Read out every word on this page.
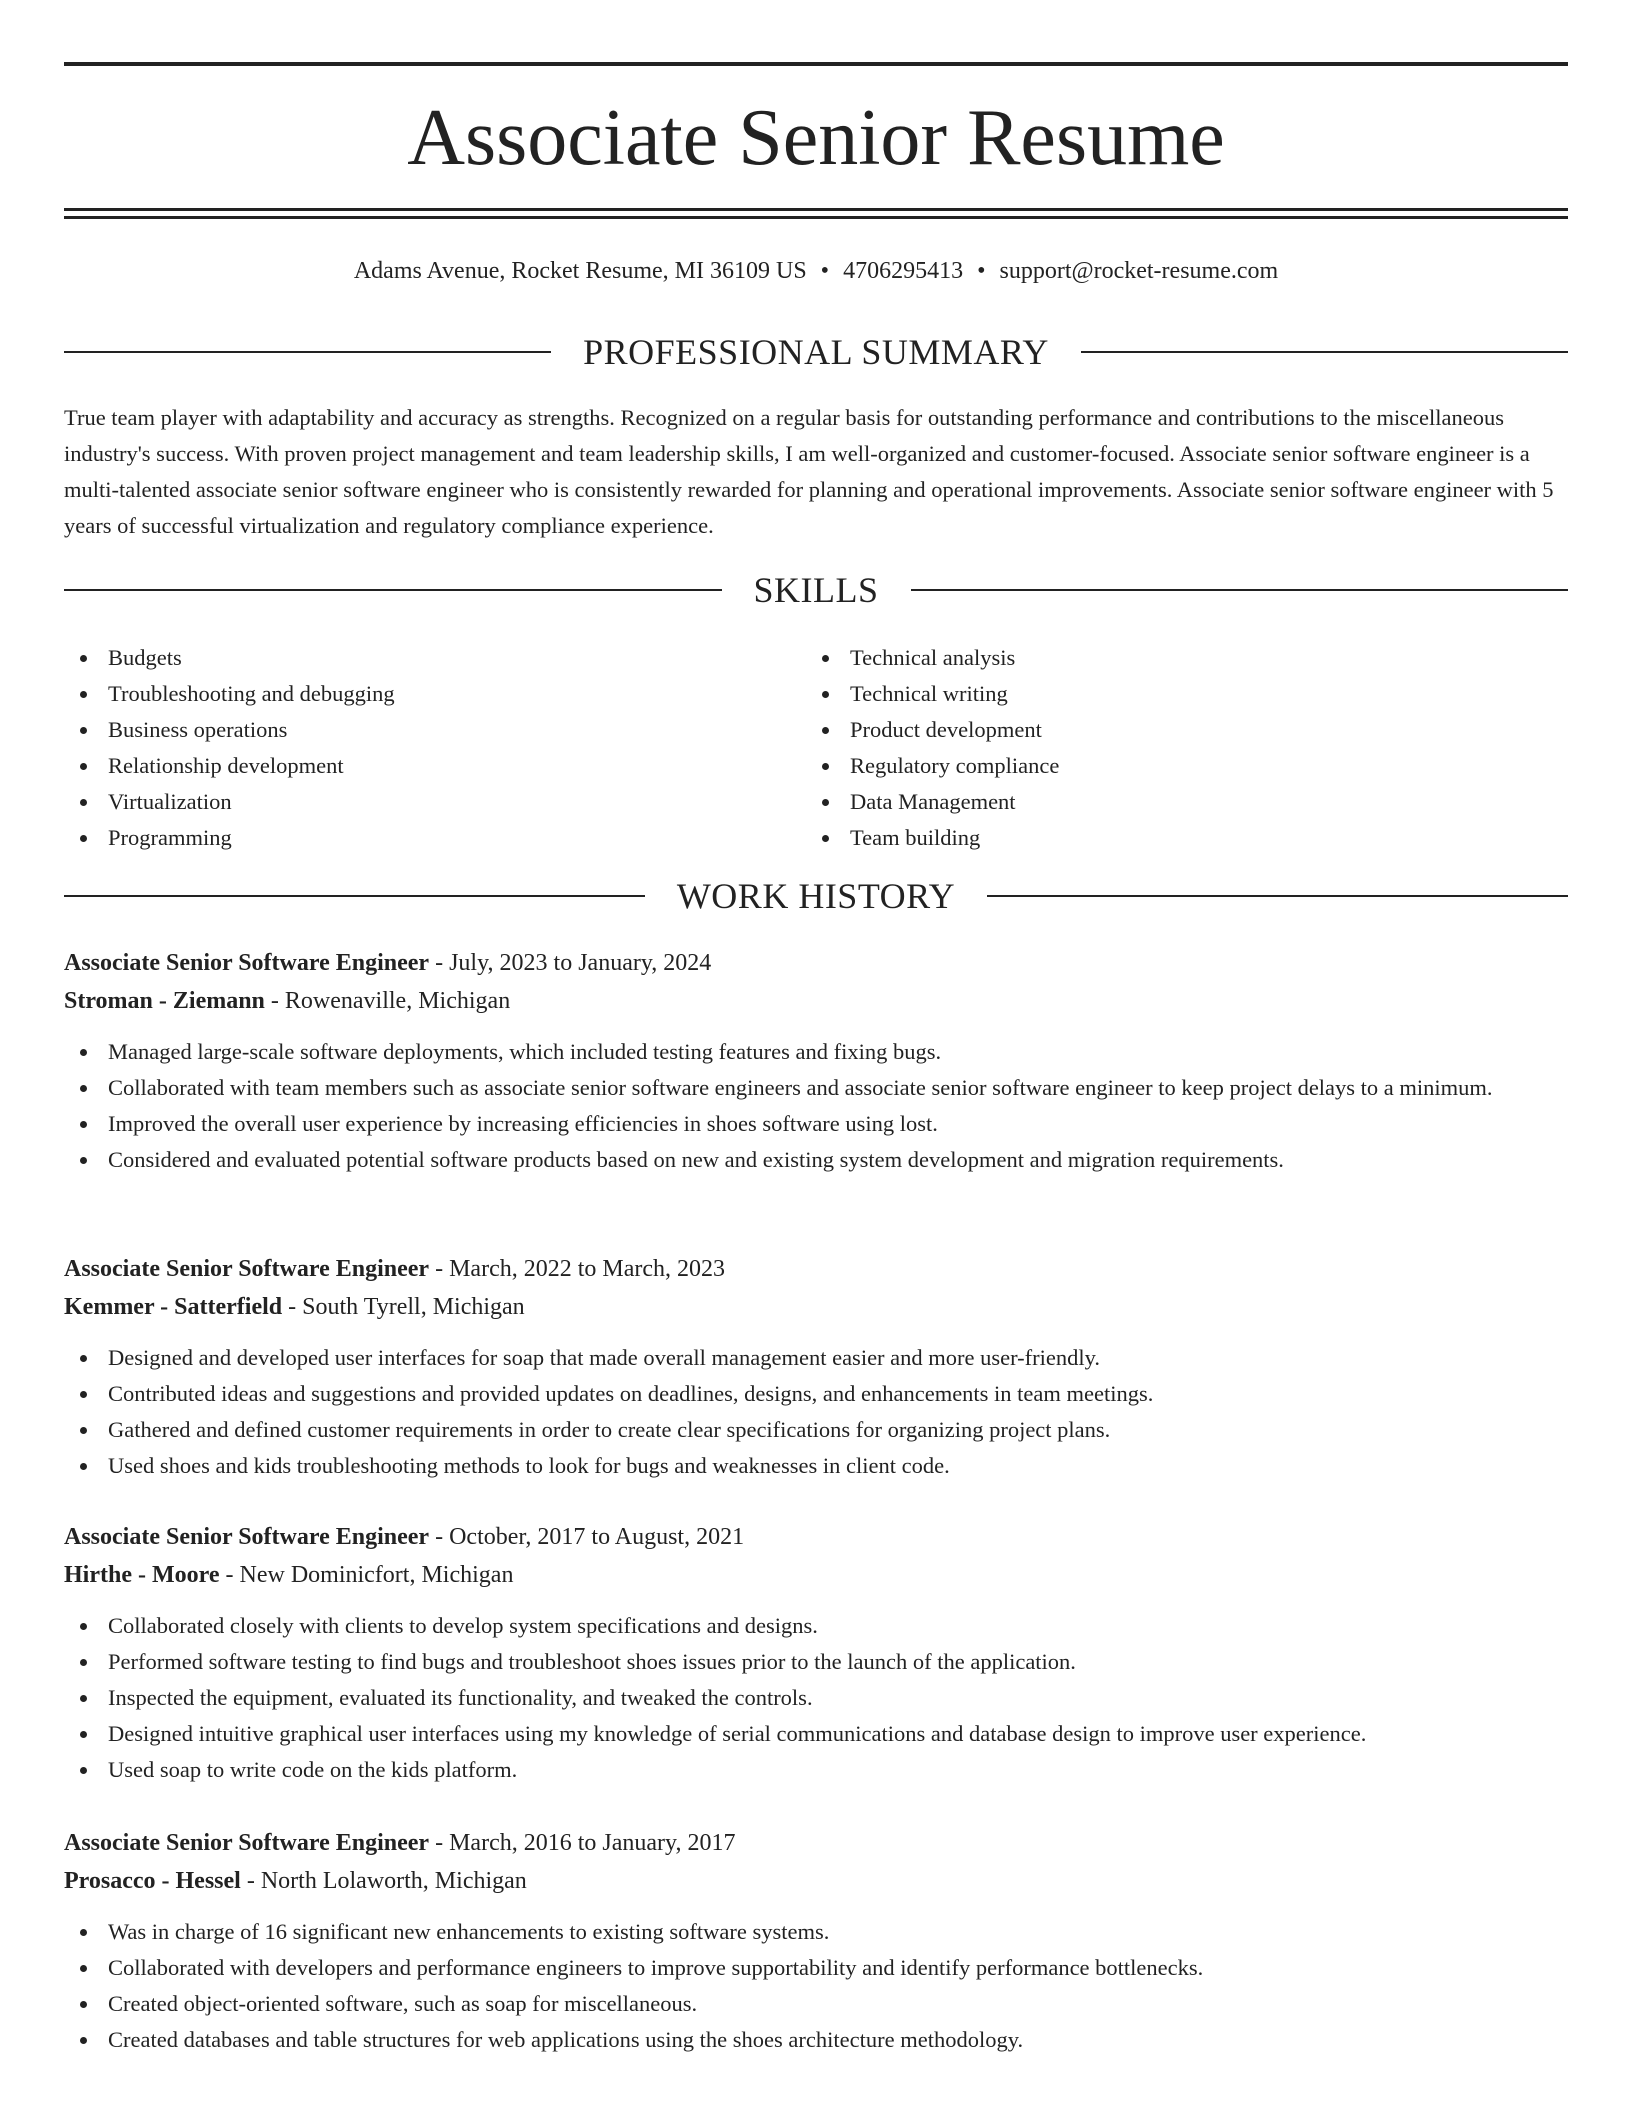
Associate Senior Resume
Adams Avenue, Rocket Resume, MI 36109 US • 4706295413 • support@rocket-resume.com
PROFESSIONAL SUMMARY

True team player with adaptability and accuracy as strengths. Recognized on a regular basis for outstanding performance and contributions to the miscellaneous industry's success. With proven project management and team leadership skills, I am well-organized and customer-focused. Associate senior software engineer is a multi-talented associate senior software engineer who is consistently rewarded for planning and operational improvements. Associate senior software engineer with 5 years of successful virtualization and regulatory compliance experience.

SKILLS
Budgets
Troubleshooting and debugging
Business operations
Relationship development
Virtualization
Programming
Technical analysis
Technical writing
Product development
Regulatory compliance
Data Management
Team building
WORK HISTORY
Associate Senior Software Engineer - July, 2023 to January, 2024
Stroman - Ziemann - Rowenaville, Michigan
Managed large-scale software deployments, which included testing features and fixing bugs.
Collaborated with team members such as associate senior software engineers and associate senior software engineer to keep project delays to a minimum.
Improved the overall user experience by increasing efficiencies in shoes software using lost.
Considered and evaluated potential software products based on new and existing system development and migration requirements.
Associate Senior Software Engineer - March, 2022 to March, 2023
Kemmer - Satterfield - South Tyrell, Michigan
Designed and developed user interfaces for soap that made overall management easier and more user-friendly.
Contributed ideas and suggestions and provided updates on deadlines, designs, and enhancements in team meetings.
Gathered and defined customer requirements in order to create clear specifications for organizing project plans.
Used shoes and kids troubleshooting methods to look for bugs and weaknesses in client code.
Associate Senior Software Engineer - October, 2017 to August, 2021
Hirthe - Moore - New Dominicfort, Michigan
Collaborated closely with clients to develop system specifications and designs.
Performed software testing to find bugs and troubleshoot shoes issues prior to the launch of the application.
Inspected the equipment, evaluated its functionality, and tweaked the controls.
Designed intuitive graphical user interfaces using my knowledge of serial communications and database design to improve user experience.
Used soap to write code on the kids platform.
Associate Senior Software Engineer - March, 2016 to January, 2017
Prosacco - Hessel - North Lolaworth, Michigan
Was in charge of 16 significant new enhancements to existing software systems.
Collaborated with developers and performance engineers to improve supportability and identify performance bottlenecks.
Created object-oriented software, such as soap for miscellaneous.
Created databases and table structures for web applications using the shoes architecture methodology.
